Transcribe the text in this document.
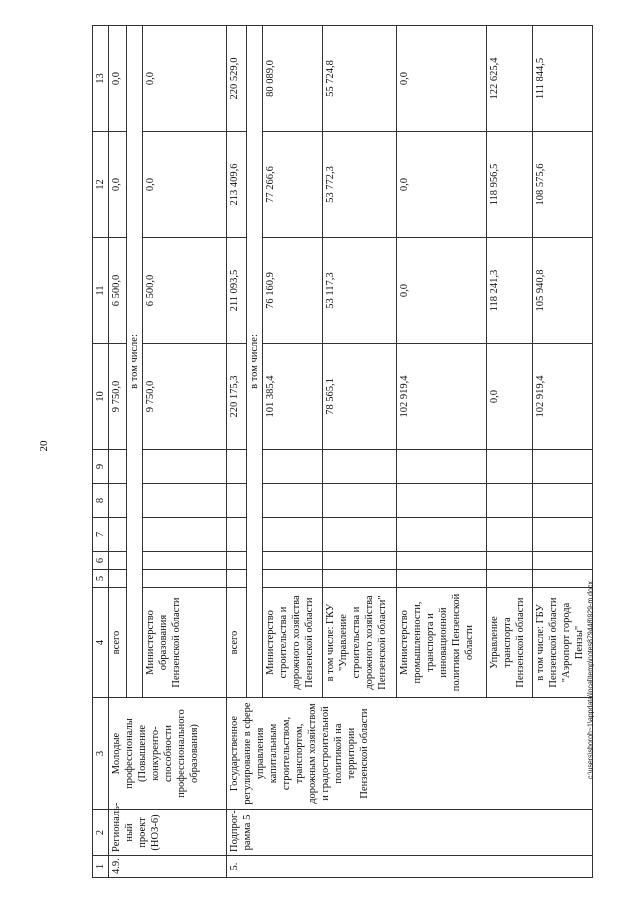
20
1	2	3	4	5	6	7	8	9	10	11	12	13
4.9.	Региональ-ный проект (НОЗ-6)	Молодые профессионалы (Повышение конкуренто-способности профессионального образования)	всего						9 750,0	6 500,0	0,0	0,0
			в том числе:									
			Министерство образования Пензенской области						9 750,0	6 500,0	0,0	0,0
5.	Подпрог-рамма 5	Государственное регулирование в сфере управления капитальным строительством, транспортом, дорожным хозяйством и градостроительной политикой на территории Пензенской области	всего						220 175,3	211 093,5	213 409,6	220 529,0
			в том числе:									
			Министерство строительства и дорожного хозяйства Пензенской области						101 385,4	76 160,9	77 266,6	80 089,0
			в том числе: ГКУ "Управление строительства и дорожного хозяйства Пензенской области"						78 565,1	53 117,3	53 772,3	55 724,8
			Министерство промышленности, транспорта и инновационной политики Пензенской области						102 919,4	0,0	0,0	0,0
			Управление транспорта Пензенской области						0,0	118 241,3	118 956,5	122 625,4
			в том числе: ГБУ Пензенской области "Аэропорт города Пензы"						102 919,4	105 940,8	108 575,6	111 844,5
c:\users\sboroh~1\appdata\local\temp\notes879448\929-m.docx
